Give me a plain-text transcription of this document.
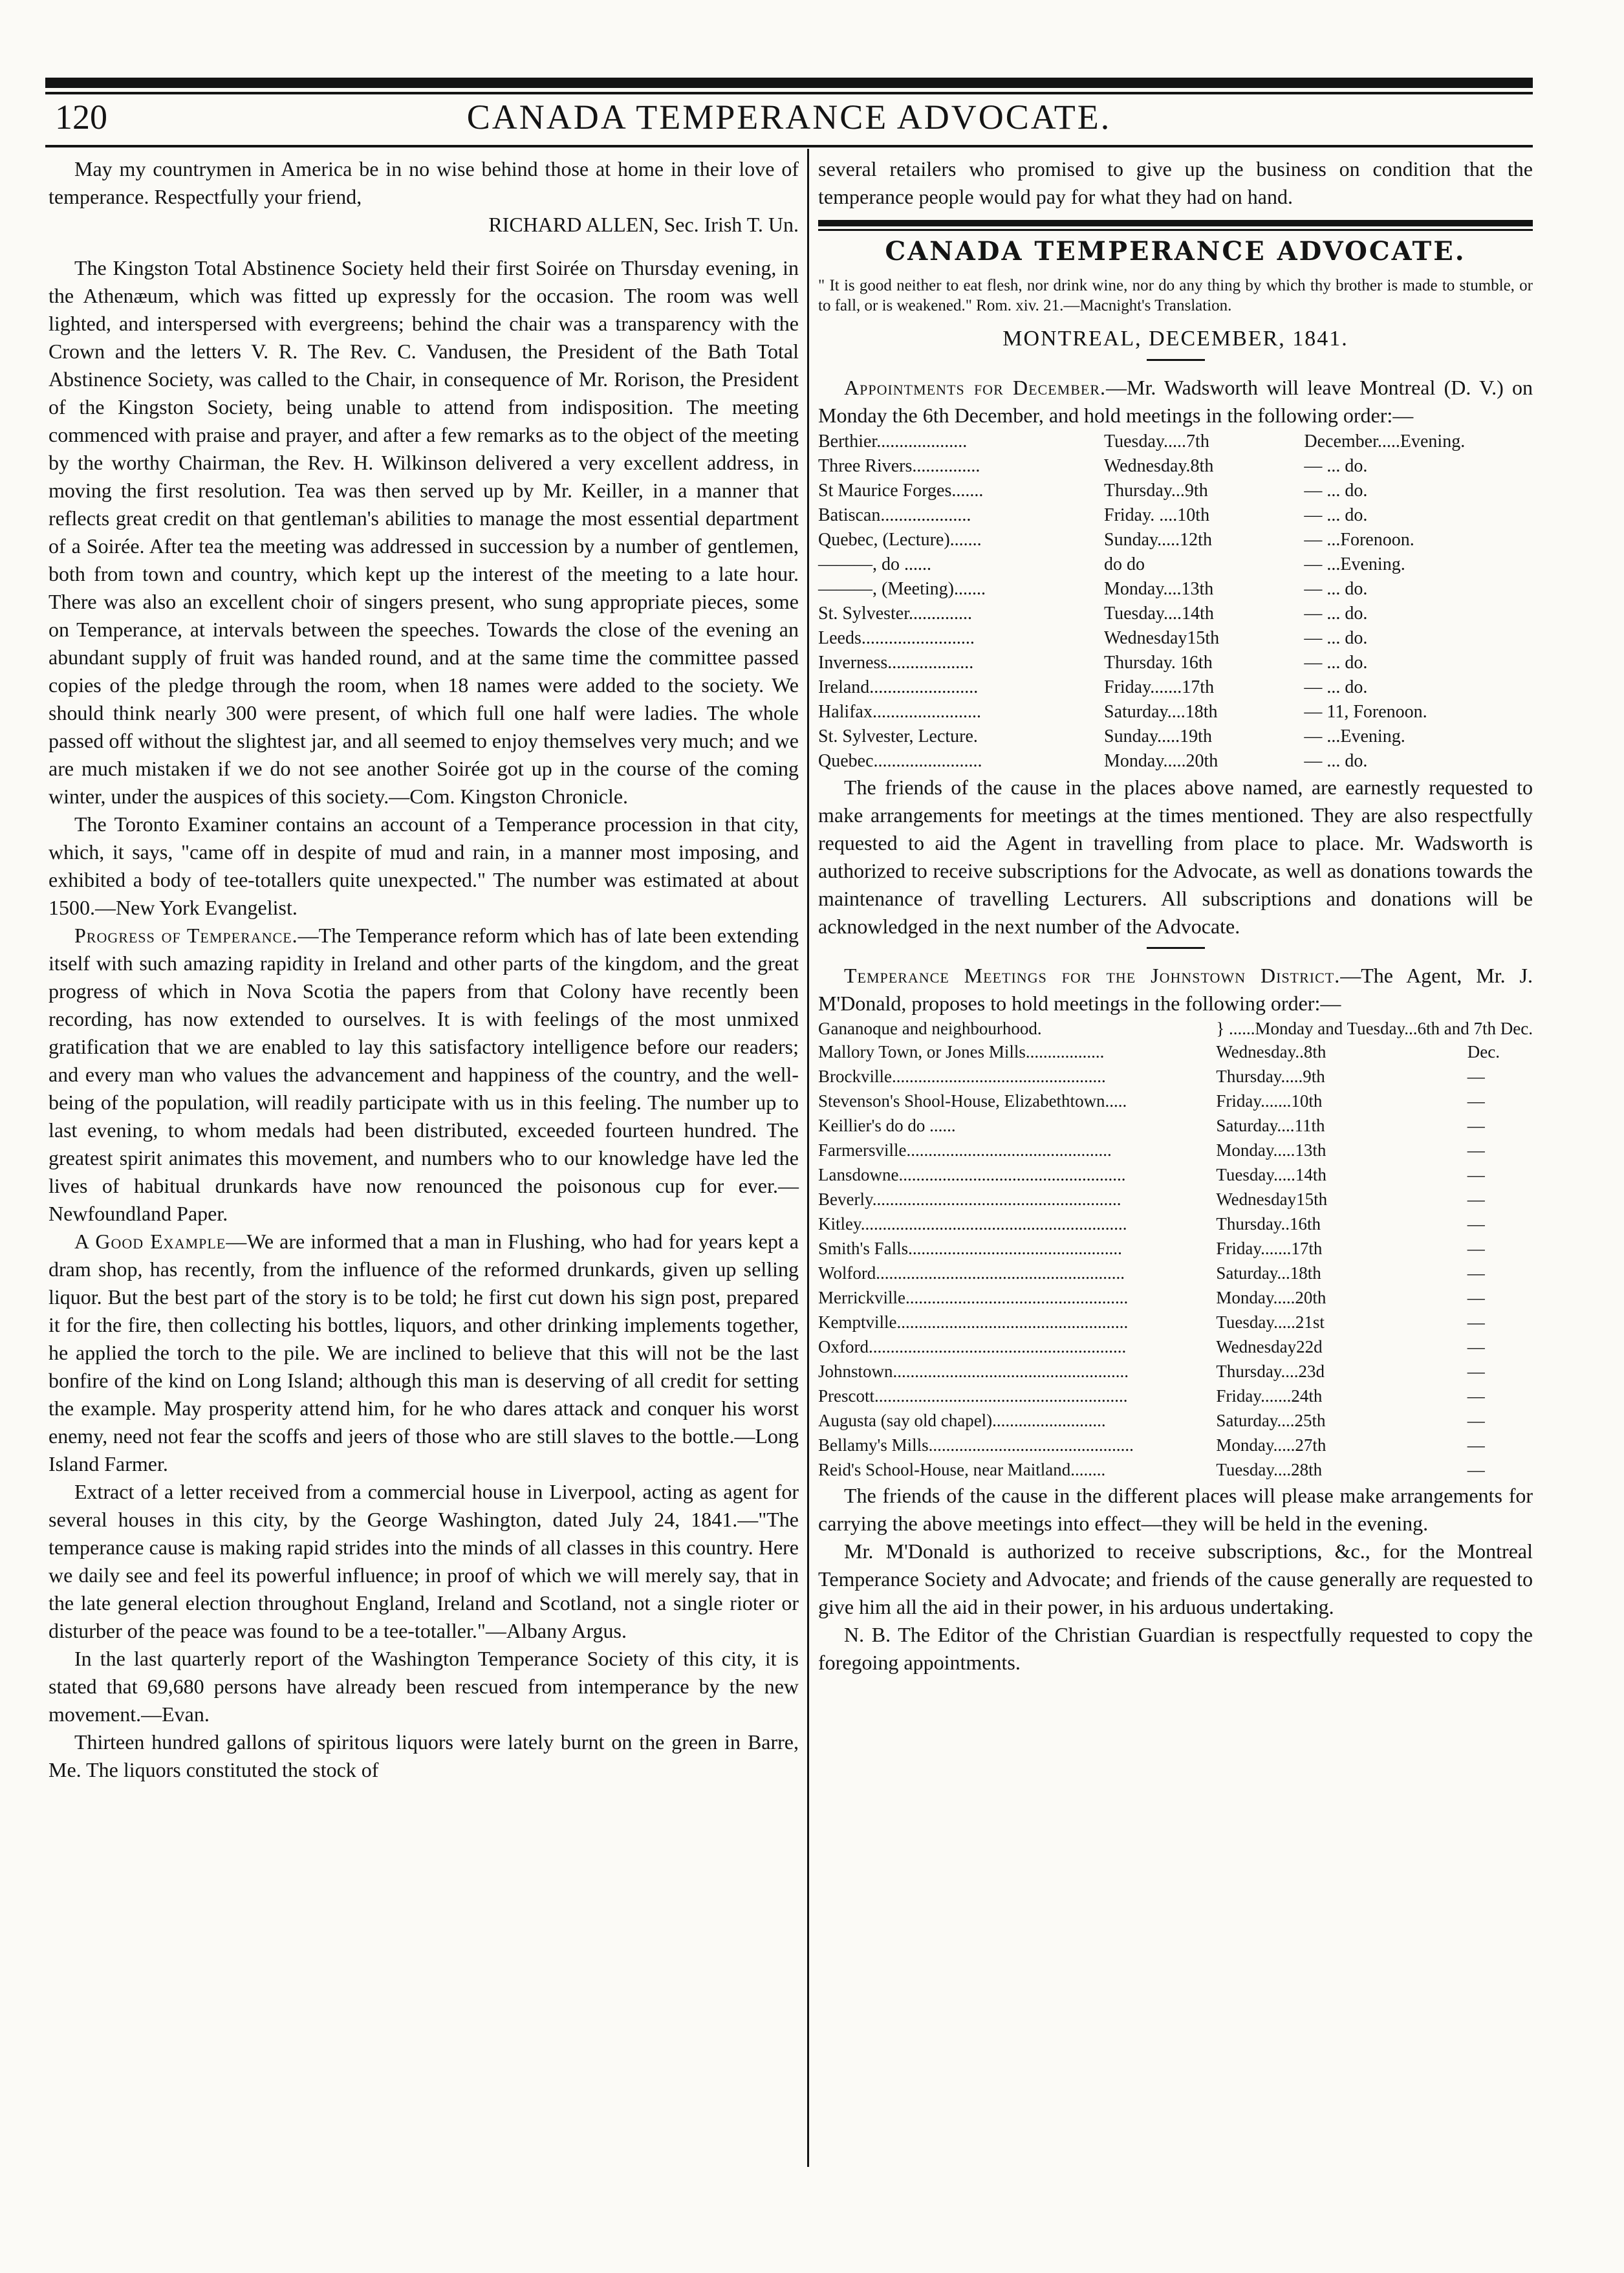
120	CANADA TEMPERANCE ADVOCATE.

May my countrymen in America be in no wise behind those at home in their love of temperance. Respectfully your friend,

RICHARD ALLEN, Sec. Irish T. Un.

The Kingston Total Abstinence Society held their first Soirée on Thursday evening, in the Athenæum, which was fitted up expressly for the occasion. The room was well lighted, and interspersed with evergreens; behind the chair was a transparency with the Crown and the letters V. R. The Rev. C. Vandusen, the President of the Bath Total Abstinence Society, was called to the Chair, in consequence of Mr. Rorison, the President of the Kingston Society, being unable to attend from indisposition. The meeting commenced with praise and prayer, and after a few remarks as to the object of the meeting by the worthy Chairman, the Rev. H. Wilkinson delivered a very excellent address, in moving the first resolution. Tea was then served up by Mr. Keiller, in a manner that reflects great credit on that gentleman's abilities to manage the most essential department of a Soirée. After tea the meeting was addressed in succession by a number of gentlemen, both from town and country, which kept up the interest of the meeting to a late hour. There was also an excellent choir of singers present, who sung appropriate pieces, some on Temperance, at intervals between the speeches. Towards the close of the evening an abundant supply of fruit was handed round, and at the same time the committee passed copies of the pledge through the room, when 18 names were added to the society. We should think nearly 300 were present, of which full one half were ladies. The whole passed off without the slightest jar, and all seemed to enjoy themselves very much; and we are much mistaken if we do not see another Soirée got up in the course of the coming winter, under the auspices of this society.—Com. Kingston Chronicle.

The Toronto Examiner contains an account of a Temperance procession in that city, which, it says, "came off in despite of mud and rain, in a manner most imposing, and exhibited a body of tee-totallers quite unexpected." The number was estimated at about 1500.—New York Evangelist.

Progress of Temperance.—The Temperance reform which has of late been extending itself with such amazing rapidity in Ireland and other parts of the kingdom, and the great progress of which in Nova Scotia the papers from that Colony have recently been recording, has now extended to ourselves. It is with feelings of the most unmixed gratification that we are enabled to lay this satisfactory intelligence before our readers; and every man who values the advancement and happiness of the country, and the well-being of the population, will readily participate with us in this feeling. The number up to last evening, to whom medals had been distributed, exceeded fourteen hundred. The greatest spirit animates this movement, and numbers who to our knowledge have led the lives of habitual drunkards have now renounced the poisonous cup for ever.—Newfoundland Paper.

A Good Example—We are informed that a man in Flushing, who had for years kept a dram shop, has recently, from the influence of the reformed drunkards, given up selling liquor. But the best part of the story is to be told; he first cut down his sign post, prepared it for the fire, then collecting his bottles, liquors, and other drinking implements together, he applied the torch to the pile. We are inclined to believe that this will not be the last bonfire of the kind on Long Island; although this man is deserving of all credit for setting the example. May prosperity attend him, for he who dares attack and conquer his worst enemy, need not fear the scoffs and jeers of those who are still slaves to the bottle.—Long Island Farmer.

Extract of a letter received from a commercial house in Liverpool, acting as agent for several houses in this city, by the George Washington, dated July 24, 1841.—"The temperance cause is making rapid strides into the minds of all classes in this country. Here we daily see and feel its powerful influence; in proof of which we will merely say, that in the late general election throughout England, Ireland and Scotland, not a single rioter or disturber of the peace was found to be a tee-totaller."—Albany Argus.

In the last quarterly report of the Washington Temperance Society of this city, it is stated that 69,680 persons have already been rescued from intemperance by the new movement.—Evan.

Thirteen hundred gallons of spiritous liquors were lately burnt on the green in Barre, Me. The liquors constituted the stock of

several retailers who promised to give up the business on condition that the temperance people would pay for what they had on hand.

CANADA TEMPERANCE ADVOCATE.

" It is good neither to eat flesh, nor drink wine, nor do any thing by which thy brother is made to stumble, or to fall, or is weakened." Rom. xiv. 21.—Macnight's Translation.

MONTREAL, DECEMBER, 1841.

Appointments for December.—Mr. Wadsworth will leave Montreal (D. V.) on Monday the 6th December, and hold meetings in the following order:—

Berthier....................	Tuesday.....7th	December.....Evening.
Three Rivers...............	Wednesday.8th	— ... do.
St Maurice Forges.......	Thursday...9th	— ... do.
Batiscan....................	Friday. ....10th	— ... do.
Quebec, (Lecture).......	Sunday.....12th	— ...Forenoon.
———, do ......	do do	— ...Evening.
———, (Meeting).......	Monday....13th	— ... do.
St. Sylvester..............	Tuesday....14th	— ... do.
Leeds.........................	Wednesday15th	— ... do.
Inverness...................	Thursday. 16th	— ... do.
Ireland........................	Friday.......17th	— ... do.
Halifax........................	Saturday....18th	— 11, Forenoon.
St. Sylvester, Lecture.	Sunday.....19th	— ...Evening.
Quebec........................	Monday.....20th	— ... do.

The friends of the cause in the places above named, are earnestly requested to make arrangements for meetings at the times mentioned. They are also respectfully requested to aid the Agent in travelling from place to place. Mr. Wadsworth is authorized to receive subscriptions for the Advocate, as well as donations towards the maintenance of travelling Lecturers. All subscriptions and donations will be acknowledged in the next number of the Advocate.

Temperance Meetings for the Johnstown District.—The Agent, Mr. J. M'Donald, proposes to hold meetings in the following order:—

Gananoque and neighbourhood.	} ......Monday and Tuesday...6th and 7th Dec.	
Mallory Town, or Jones Mills..................	Wednesday..8th	Dec.
Brockville.................................................	Thursday.....9th	—
Stevenson's Shool-House, Elizabethtown.....	Friday.......10th	—
Keillier's do do ......	Saturday....11th	—
Farmersville...............................................	Monday.....13th	—
Lansdowne....................................................	Tuesday.....14th	—
Beverly.........................................................	Wednesday15th	—
Kitley.............................................................	Thursday..16th	—
Smith's Falls.................................................	Friday.......17th	—
Wolford.........................................................	Saturday...18th	—
Merrickville...................................................	Monday.....20th	—
Kemptville.....................................................	Tuesday.....21st	—
Oxford...........................................................	Wednesday22d	—
Johnstown......................................................	Thursday....23d	—
Prescott..........................................................	Friday.......24th	—
Augusta (say old chapel)..........................	Saturday....25th	—
Bellamy's Mills...............................................	Monday.....27th	—
Reid's School-House, near Maitland........	Tuesday....28th	—

The friends of the cause in the different places will please make arrangements for carrying the above meetings into effect—they will be held in the evening.

Mr. M'Donald is authorized to receive subscriptions, &c., for the Montreal Temperance Society and Advocate; and friends of the cause generally are requested to give him all the aid in their power, in his arduous undertaking.

N. B. The Editor of the Christian Guardian is respectfully requested to copy the foregoing appointments.
